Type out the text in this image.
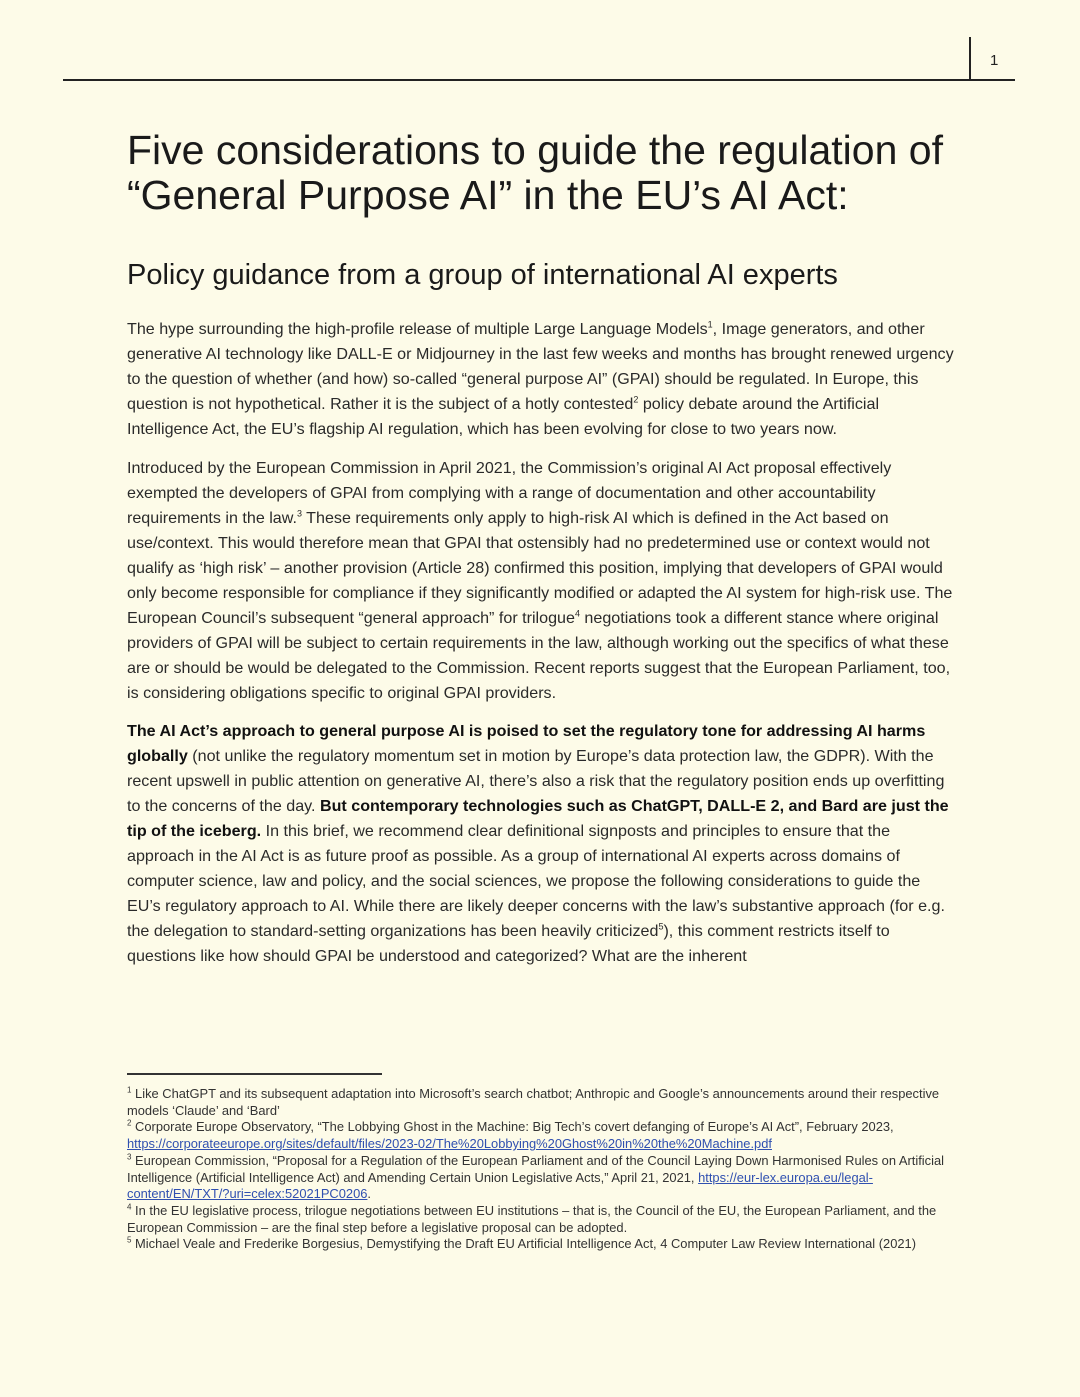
1
Five considerations to guide the regulation of “General Purpose AI” in the EU’s AI Act:
Policy guidance from a group of international AI experts

The hype surrounding the high-profile release of multiple Large Language Models$^1$, Image generators, and other generative AI technology like DALL-E or Midjourney in the last few weeks and months has brought renewed urgency to the question of whether (and how) so-called “general purpose AI” (GPAI) should be regulated. In Europe, this question is not hypothetical. Rather it is the subject of a hotly contested$^2$ policy debate around the Artificial Intelligence Act, the EU’s flagship AI regulation, which has been evolving for close to two years now.

Introduced by the European Commission in April 2021, the Commission’s original AI Act proposal effectively exempted the developers of GPAI from complying with a range of documentation and other accountability requirements in the law.$^3$ These requirements only apply to high-risk AI which is defined in the Act based on use/context. This would therefore mean that GPAI that ostensibly had no predetermined use or context would not qualify as ‘high risk’ – another provision (Article 28) confirmed this position, implying that developers of GPAI would only become responsible for compliance if they significantly modified or adapted the AI system for high-risk use. The European Council’s subsequent “general approach” for trilogue$^4$ negotiations took a different stance where original providers of GPAI will be subject to certain requirements in the law, although working out the specifics of what these are or should be would be delegated to the Commission. Recent reports suggest that the European Parliament, too, is considering obligations specific to original GPAI providers.

The AI Act’s approach to general purpose AI is poised to set the regulatory tone for addressing AI harms globally (not unlike the regulatory momentum set in motion by Europe’s data protection law, the GDPR). With the recent upswell in public attention on generative AI, there’s also a risk that the regulatory position ends up overfitting to the concerns of the day. But contemporary technologies such as ChatGPT, DALL-E 2, and Bard are just the tip of the iceberg. In this brief, we recommend clear definitional signposts and principles to ensure that the approach in the AI Act is as future proof as possible. As a group of international AI experts across domains of computer science, law and policy, and the social sciences, we propose the following considerations to guide the EU’s regulatory approach to AI. While there are likely deeper concerns with the law’s substantive approach (for e.g. the delegation to standard-setting organizations has been heavily criticized$^5$), this comment restricts itself to questions like how should GPAI be understood and categorized? What are the inherent

$^1$ Like ChatGPT and its subsequent adaptation into Microsoft’s search chatbot; Anthropic and Google’s announcements around their respective models ‘Claude’ and ‘Bard’

$^2$ Corporate Europe Observatory, “The Lobbying Ghost in the Machine: Big Tech’s covert defanging of Europe’s AI Act”, February 2023, https://corporateeurope.org/sites/default/files/2023-02/The%20Lobbying%20Ghost%20in%20the%20Machine.pdf

$^3$ European Commission, “Proposal for a Regulation of the European Parliament and of the Council Laying Down Harmonised Rules on Artificial Intelligence (Artificial Intelligence Act) and Amending Certain Union Legislative Acts,” April 21, 2021, https://eur-lex.europa.eu/legal-content/EN/TXT/?uri=celex:52021PC0206.

$^4$ In the EU legislative process, trilogue negotiations between EU institutions – that is, the Council of the EU, the European Parliament, and the European Commission – are the final step before a legislative proposal can be adopted.

$^5$ Michael Veale and Frederike Borgesius, Demystifying the Draft EU Artificial Intelligence Act, 4 Computer Law Review International (2021)
